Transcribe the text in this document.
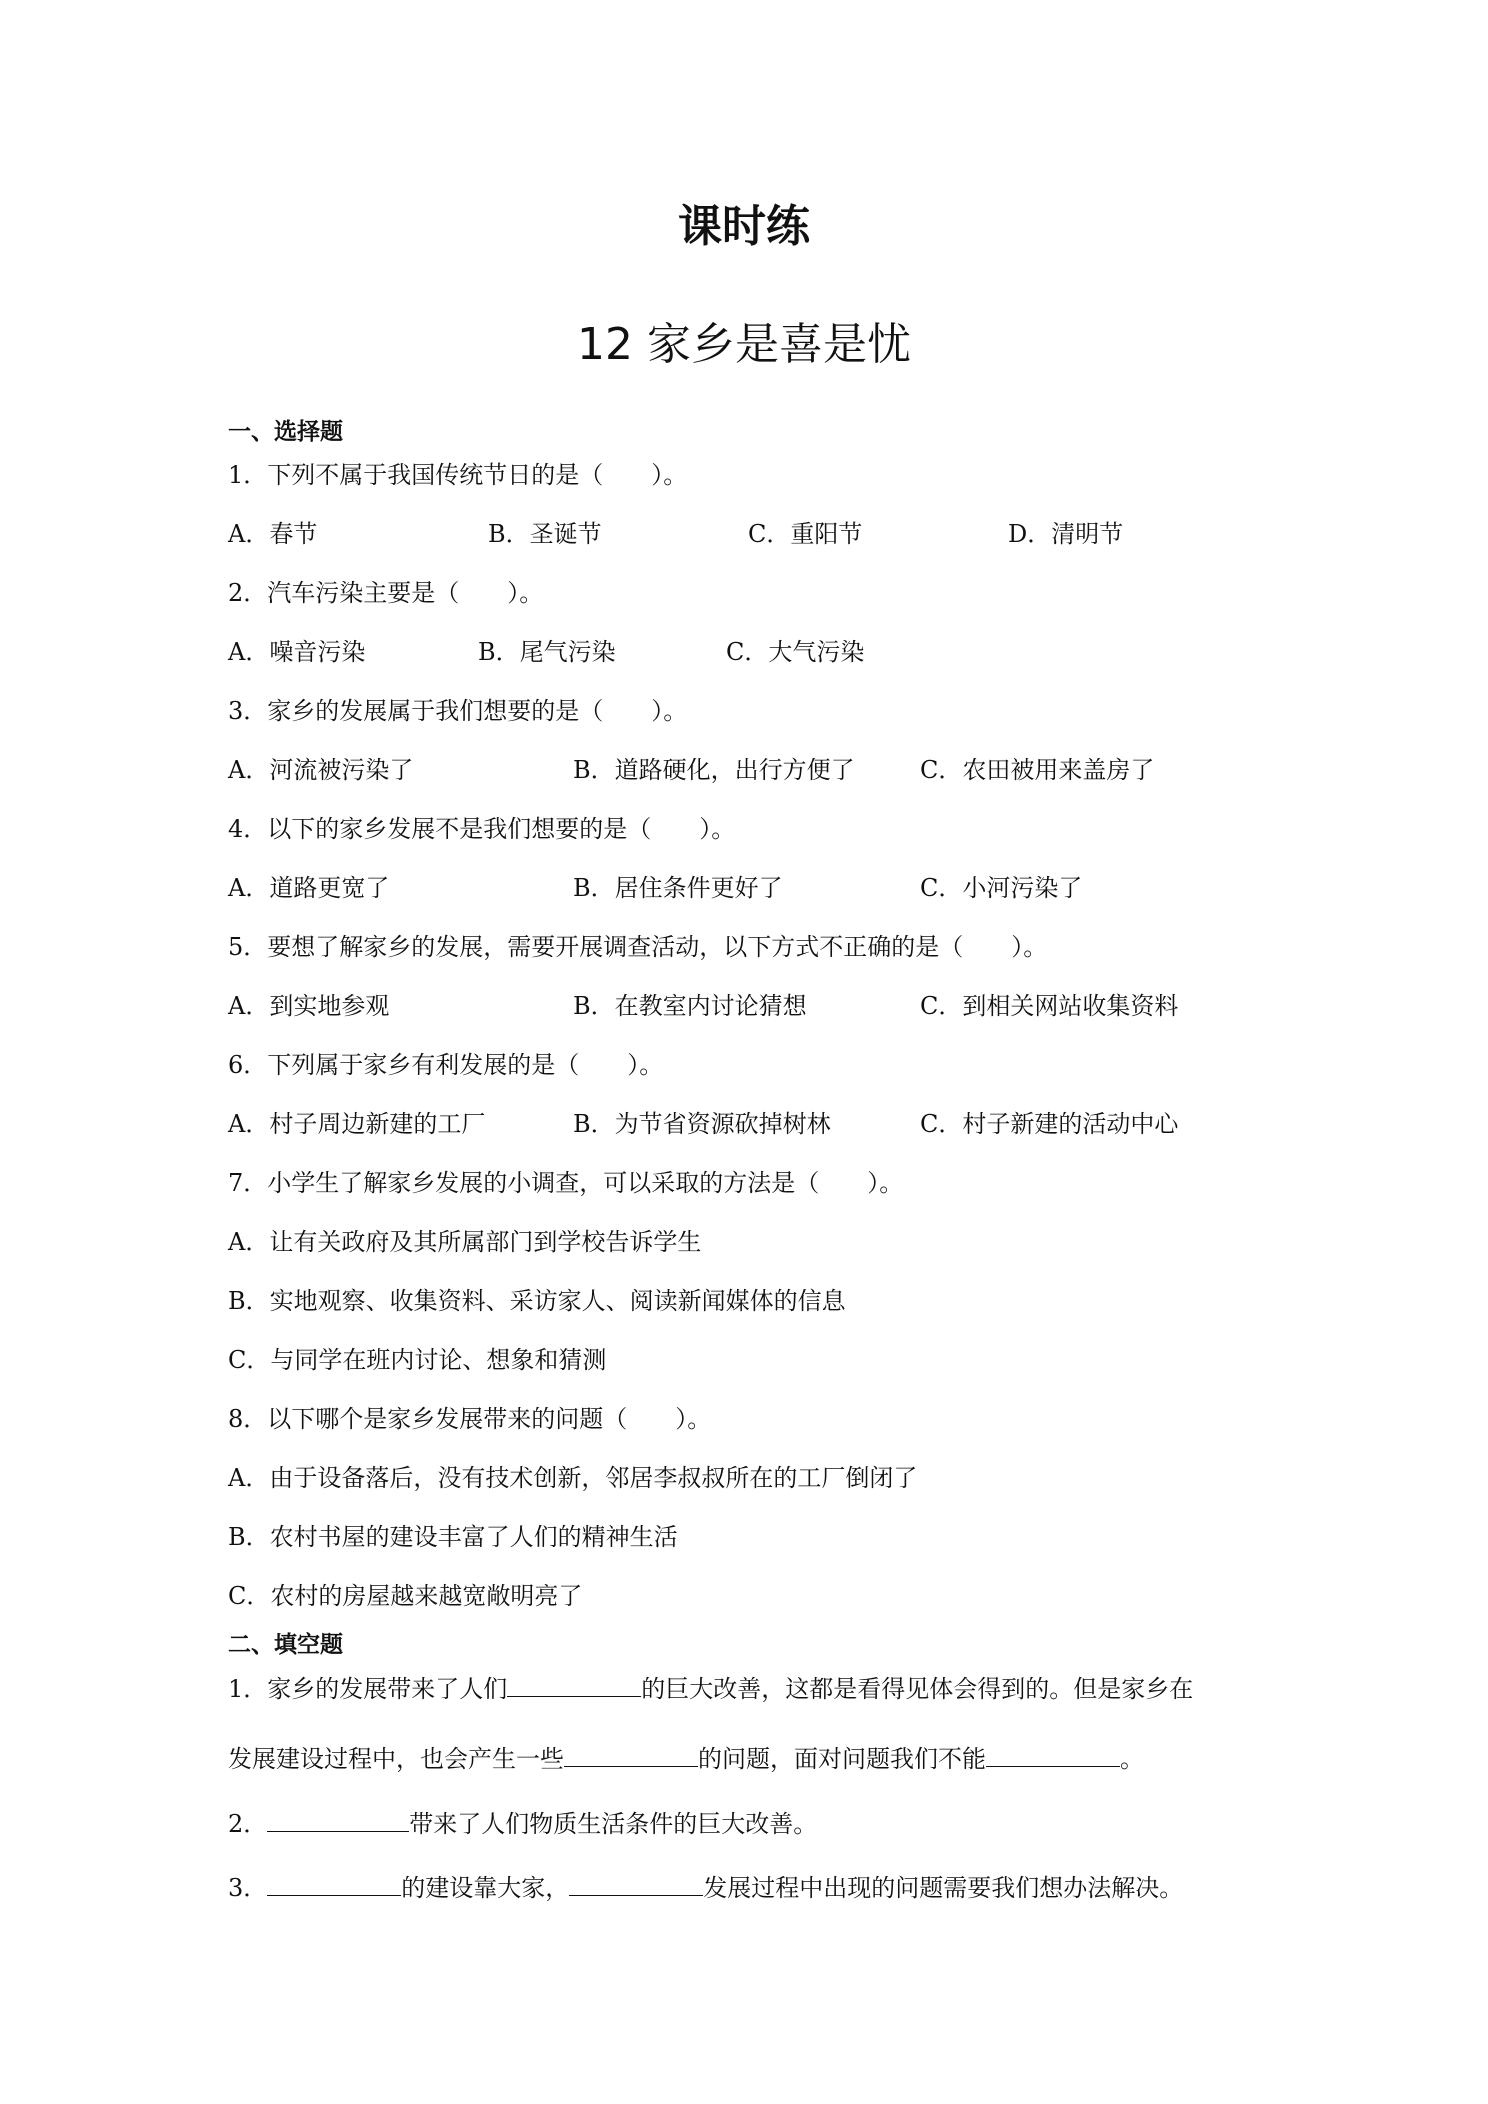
课时练
12 家乡是喜是忧
一、选择题
1．下列不属于我国传统节日的是（　　）。
A．春节	B．圣诞节	C．重阳节	D．清明节
2．汽车污染主要是（　　）。
A．噪音污染	B．尾气污染	C．大气污染
3．家乡的发展属于我们想要的是（　　）。
A．河流被污染了	B．道路硬化，出行方便了	C．农田被用来盖房了
4．以下的家乡发展不是我们想要的是（　　）。
A．道路更宽了	B．居住条件更好了	C．小河污染了
5．要想了解家乡的发展，需要开展调查活动，以下方式不正确的是（　　）。
A．到实地参观	B．在教室内讨论猜想	C．到相关网站收集资料
6．下列属于家乡有利发展的是（　　）。
A．村子周边新建的工厂	B．为节省资源砍掉树林	C．村子新建的活动中心
7．小学生了解家乡发展的小调查，可以采取的方法是（　　）。
A．让有关政府及其所属部门到学校告诉学生
B．实地观察、收集资料、采访家人、阅读新闻媒体的信息
C．与同学在班内讨论、想象和猜测
8．以下哪个是家乡发展带来的问题（　　）。
A．由于设备落后，没有技术创新，邻居李叔叔所在的工厂倒闭了
B．农村书屋的建设丰富了人们的精神生活
C．农村的房屋越来越宽敞明亮了
二、填空题
1．家乡的发展带来了人们	的巨大改善，这都是看得见体会得到的。但是家乡在
发展建设过程中，也会产生一些	的问题，面对问题我们不能	。
2．	带来了人们物质生活条件的巨大改善。
3．	的建设靠大家，	发展过程中出现的问题需要我们想办法解决。
